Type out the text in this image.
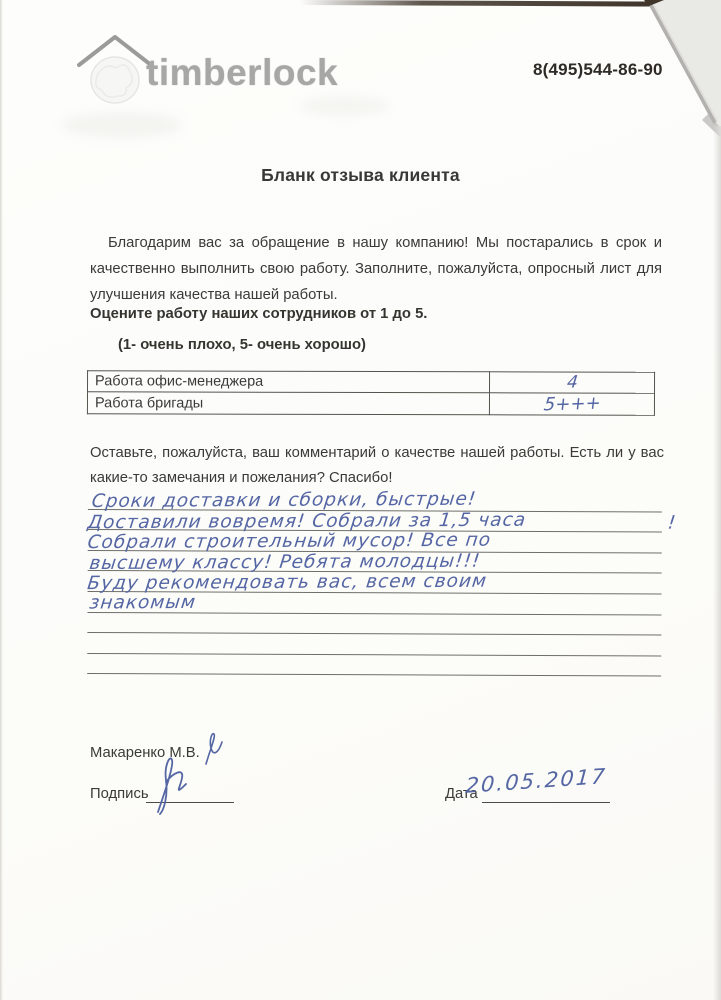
timberlock	8(495)544-86-90
Бланк отзыва клиента
Благодарим вас за обращение в нашу компанию! Мы постарались в срок и качественно выполнить свою работу. Заполните, пожалуйста, опросный лист для улучшения качества нашей работы.
Оцените работу наших сотрудников от 1 до 5.
(1- очень плохо, 5- очень хорошо)
Работа офис-менеджера	4
Работа бригады	5+++
Оставьте, пожалуйста, ваш комментарий о качестве нашей работы. Есть ли у вас какие-то замечания и пожелания? Спасибо!
Сроки доставки и сборки, быстрые!
Доставили вовремя! Собрали за 1,5 часа	!
Собрали строительный мусор! Все по
высшему классу! Ребята молодцы!!!
Буду рекомендовать вас, всем своим
знакомым
Макаренко М.В.
Подпись	Дата
20.05.2017
